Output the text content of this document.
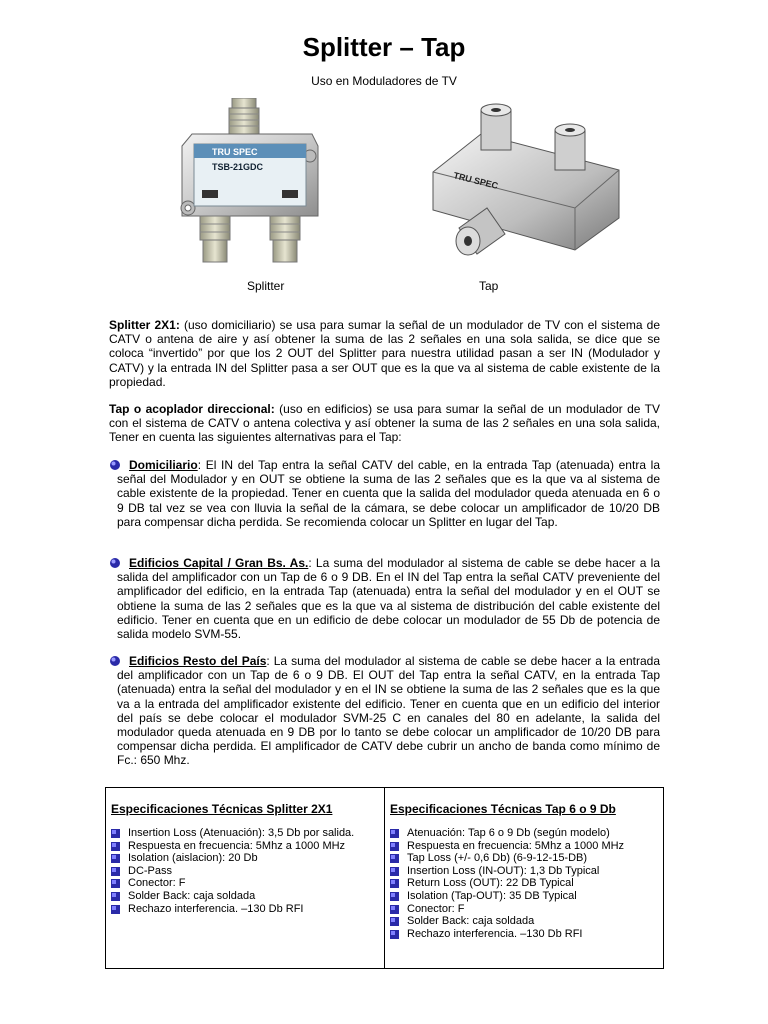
Splitter – Tap
Uso en Moduladores de TV
TRU SPEC
TSB-21GDC
TRU SPEC
Splitter	Tap
Splitter 2X1: (uso domiciliario) se usa para sumar la señal de un modulador de TV con el sistema de CATV o antena de aire y así obtener la suma de las 2 señales en una sola salida, se dice que se coloca “invertido” por que los 2 OUT del Splitter para nuestra utilidad pasan a ser IN (Modulador y CATV) y la entrada IN del Splitter pasa a ser OUT que es la que va al sistema de cable existente de la propiedad.
Tap o acoplador direccional: (uso en edificios) se usa para sumar la señal de un modulador de TV con el sistema de CATV o antena colectiva y así obtener la suma de las 2 señales en una sola salida, Tener en cuenta las siguientes alternativas para el Tap:
Domiciliario: El IN del Tap entra la señal CATV del cable, en la entrada Tap (atenuada) entra la señal del Modulador y en OUT se obtiene la suma de las 2 señales que es la que va al sistema de cable existente de la propiedad. Tener en cuenta que la salida del modulador queda atenuada en 6 o 9 DB tal vez se vea con lluvia la señal de la cámara, se debe colocar un amplificador de 10/20 DB para compensar dicha perdida. Se recomienda colocar un Splitter en lugar del Tap.
Edificios Capital / Gran Bs. As.: La suma del modulador al sistema de cable se debe hacer a la salida del amplificador con un Tap de 6 o 9 DB. En el IN del Tap entra la señal CATV preveniente del amplificador del edificio, en la entrada Tap (atenuada) entra la señal del modulador y en el OUT se obtiene la suma de las 2 señales que es la que va al sistema de distribución del cable existente del edificio. Tener en cuenta que en un edificio de debe colocar un modulador de 55 Db de potencia de salida modelo SVM-55.
Edificios Resto del País: La suma del modulador al sistema de cable se debe hacer a la entrada del amplificador con un Tap de 6 o 9 DB. El OUT del Tap entra la señal CATV, en la entrada Tap (atenuada) entra la señal del modulador y en el IN se obtiene la suma de las 2 señales que es la que va a la entrada del amplificador existente del edificio. Tener en cuenta que en un edificio del interior del país se debe colocar el modulador SVM-25 C en canales del 80 en adelante, la salida del modulador queda atenuada en 9 DB por lo tanto se debe colocar un amplificador de 10/20 DB para compensar dicha perdida. El amplificador de CATV debe cubrir un ancho de banda como mínimo de Fc.: 650 Mhz.
Especificaciones Técnicas Splitter 2X1
Insertion Loss (Atenuación): 3,5 Db por salida.
Respuesta en frecuencia: 5Mhz a 1000 MHz
Isolation (aislacion): 20 Db
DC-Pass
Conector: F
Solder Back: caja soldada
Rechazo interferencia. –130 Db RFI
Especificaciones Técnicas Tap 6 o 9 Db
Atenuación: Tap 6 o 9 Db (según modelo)
Respuesta en frecuencia: 5Mhz a 1000 MHz
Tap Loss (+/- 0,6 Db) (6-9-12-15-DB)
Insertion Loss (IN-OUT): 1,3 Db Typical
Return Loss (OUT): 22 DB Typical
Isolation (Tap-OUT): 35 DB Typical
Conector: F
Solder Back: caja soldada
Rechazo interferencia. –130 Db RFI
